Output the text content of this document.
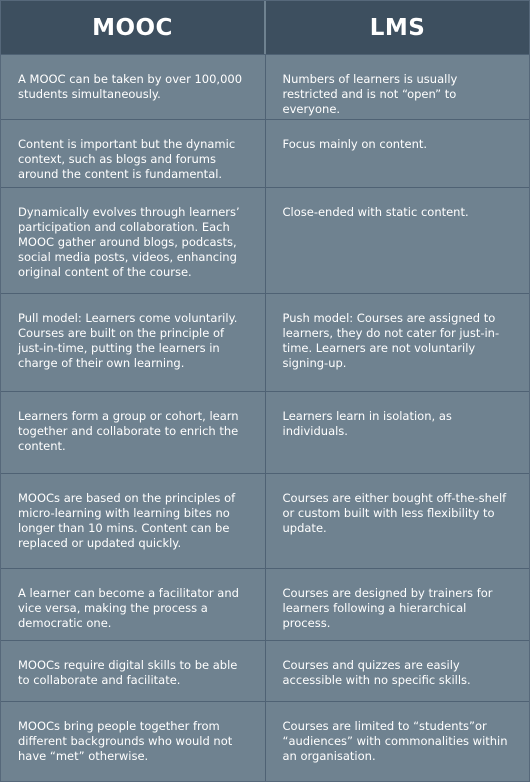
MOOC	LMS
A MOOC can be taken by over 100,000 students simultaneously.
Numbers of learners is usually restricted and is not “open” to everyone.
Content is important but the dynamic context, such as blogs and forums around the content is fundamental.
Focus mainly on content.
Dynamically evolves through learners’ participation and collaboration. Each MOOC gather around blogs, podcasts, social media posts, videos, enhancing original content of the course.
Close-ended with static content.
Pull model: Learners come voluntarily. Courses are built on the principle of just-in-time, putting the learners in charge of their own learning.
Push model: Courses are assigned to learners, they do not cater for just-in-time. Learners are not voluntarily signing-up.
Learners form a group or cohort, learn together and collaborate to enrich the content.
Learners learn in isolation, as individuals.
MOOCs are based on the principles of micro-learning with learning bites no longer than 10 mins. Content can be replaced or updated quickly.
Courses are either bought off-the-shelf or custom built with less flexibility to update.
A learner can become a facilitator and vice versa, making the process a democratic one.
Courses are designed by trainers for learners following a hierarchical process.
MOOCs require digital skills to be able to collaborate and facilitate.
Courses and quizzes are easily accessible with no specific skills.
MOOCs bring people together from different backgrounds who would not have “met” otherwise.
Courses are limited to “students”or “audiences” with commonalities within an organisation.
